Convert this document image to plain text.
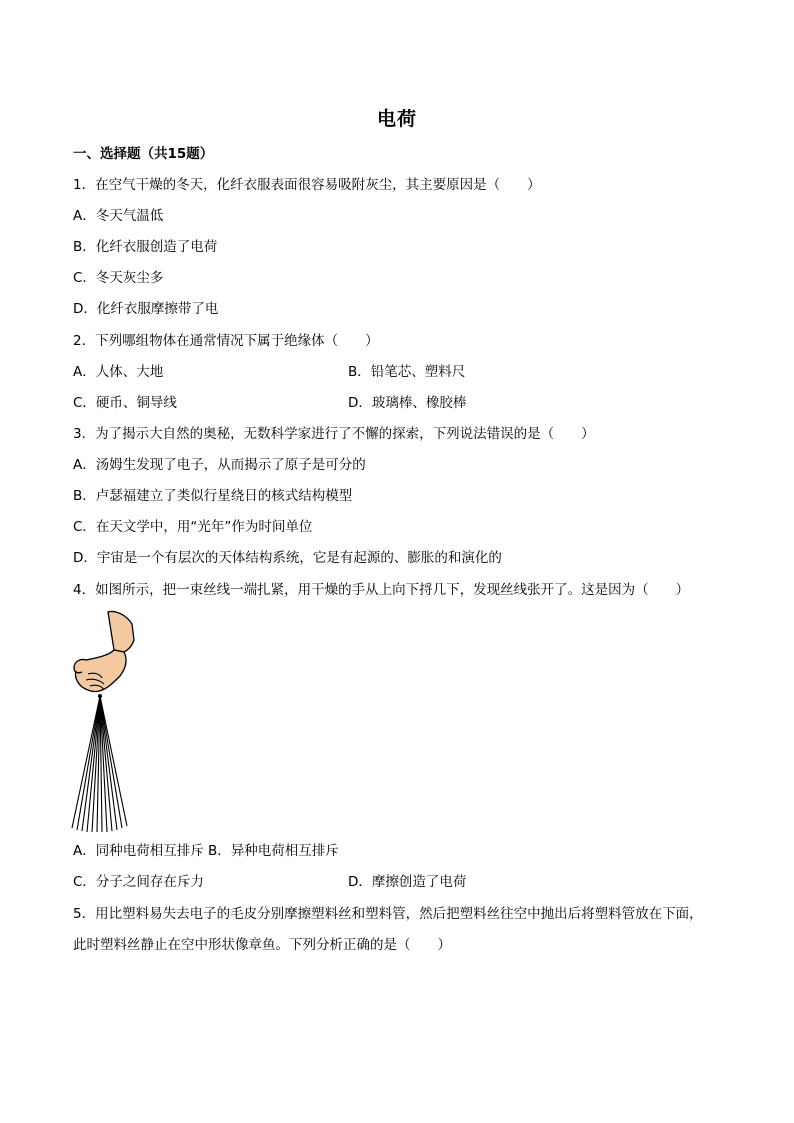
电荷
一、选择题（共15题）
1．在空气干燥的冬天，化纤衣服表面很容易吸附灰尘，其主要原因是（　　）
A．冬天气温低
B．化纤衣服创造了电荷
C．冬天灰尘多
D．化纤衣服摩擦带了电
2．下列哪组物体在通常情况下属于绝缘体（　　）
A．人体、大地	B．铅笔芯、塑料尺
C．硬币、铜导线	D．玻璃棒、橡胶棒
3．为了揭示大自然的奥秘，无数科学家进行了不懈的探索，下列说法错误的是（　　）
A．汤姆生发现了电子，从而揭示了原子是可分的
B．卢瑟福建立了类似行星绕日的核式结构模型
C．在天文学中，用“光年”作为时间单位
D．宇宙是一个有层次的天体结构系统，它是有起源的、膨胀的和演化的
4．如图所示，把一束丝线一端扎紧，用干燥的手从上向下捋几下，发现丝线张开了。这是因为（　　）
A．同种电荷相互排斥 B．异种电荷相互排斥
C．分子之间存在斥力	D．摩擦创造了电荷
5．用比塑料易失去电子的毛皮分别摩擦塑料丝和塑料管，然后把塑料丝往空中抛出后将塑料管放在下面，
此时塑料丝静止在空中形状像章鱼。下列分析正确的是（　　）
